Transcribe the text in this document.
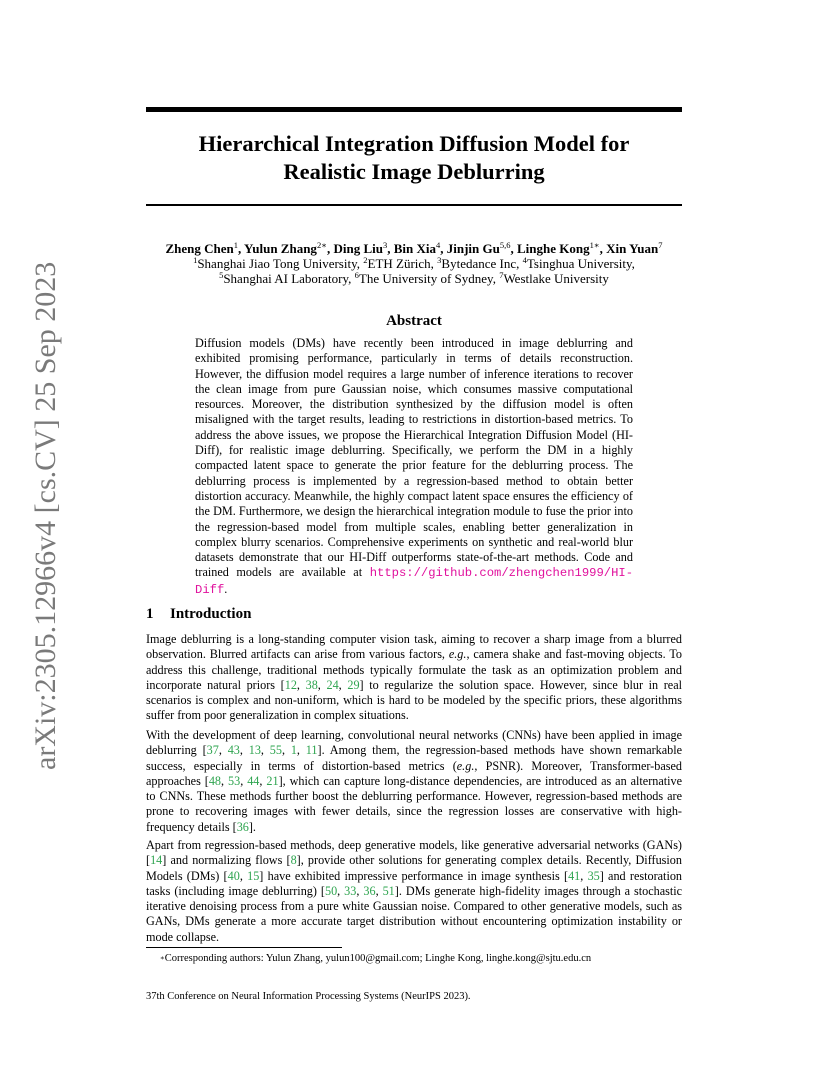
arXiv:2305.12966v4 [cs.CV] 25 Sep 2023
Hierarchical Integration Diffusion Model for
Realistic Image Deblurring
Zheng Chen$^1$, Yulun Zhang$^{2∗}$, Ding Liu$^3$, Bin Xia$^4$, Jinjin Gu$^{5,6}$, Linghe Kong$^{1∗}$, Xin Yuan$^7$
$^1$Shanghai Jiao Tong University, $^2$ETH Zürich, $^3$Bytedance Inc, $^4$Tsinghua University,
$^5$Shanghai AI Laboratory, $^6$The University of Sydney, $^7$Westlake University
Abstract
Diffusion models (DMs) have recently been introduced in image deblurring and exhibited promising performance, particularly in terms of details reconstruction. However, the diffusion model requires a large number of inference iterations to recover the clean image from pure Gaussian noise, which consumes massive computational resources. Moreover, the distribution synthesized by the diffusion model is often misaligned with the target results, leading to restrictions in distortion-based metrics. To address the above issues, we propose the Hierarchical Integration Diffusion Model (HI-Diff), for realistic image deblurring. Specifically, we perform the DM in a highly compacted latent space to generate the prior feature for the deblurring process. The deblurring process is implemented by a regression-based method to obtain better distortion accuracy. Meanwhile, the highly compact latent space ensures the efficiency of the DM. Furthermore, we design the hierarchical integration module to fuse the prior into the regression-based model from multiple scales, enabling better generalization in complex blurry scenarios. Comprehensive experiments on synthetic and real-world blur datasets demonstrate that our HI-Diff outperforms state-of-the-art methods. Code and trained models are available at https://github.com/zhengchen1999/HI-Diff.
1 Introduction
Image deblurring is a long-standing computer vision task, aiming to recover a sharp image from a blurred observation. Blurred artifacts can arise from various factors, e.g., camera shake and fast-moving objects. To address this challenge, traditional methods typically formulate the task as an optimization problem and incorporate natural priors [12, 38, 24, 29] to regularize the solution space. However, since blur in real scenarios is complex and non-uniform, which is hard to be modeled by the specific priors, these algorithms suffer from poor generalization in complex situations.
With the development of deep learning, convolutional neural networks (CNNs) have been applied in image deblurring [37, 43, 13, 55, 1, 11]. Among them, the regression-based methods have shown remarkable success, especially in terms of distortion-based metrics (e.g., PSNR). Moreover, Transformer-based approaches [48, 53, 44, 21], which can capture long-distance dependencies, are introduced as an alternative to CNNs. These methods further boost the deblurring performance. However, regression-based methods are prone to recovering images with fewer details, since the regression losses are conservative with high-frequency details [36].
Apart from regression-based methods, deep generative models, like generative adversarial networks (GANs) [14] and normalizing flows [8], provide other solutions for generating complex details. Recently, Diffusion Models (DMs) [40, 15] have exhibited impressive performance in image synthesis [41, 35] and restoration tasks (including image deblurring) [50, 33, 36, 51]. DMs generate high-fidelity images through a stochastic iterative denoising process from a pure white Gaussian noise. Compared to other generative models, such as GANs, DMs generate a more accurate target distribution without encountering optimization instability or mode collapse.
∗Corresponding authors: Yulun Zhang, yulun100@gmail.com; Linghe Kong, linghe.kong@sjtu.edu.cn
37th Conference on Neural Information Processing Systems (NeurIPS 2023).
